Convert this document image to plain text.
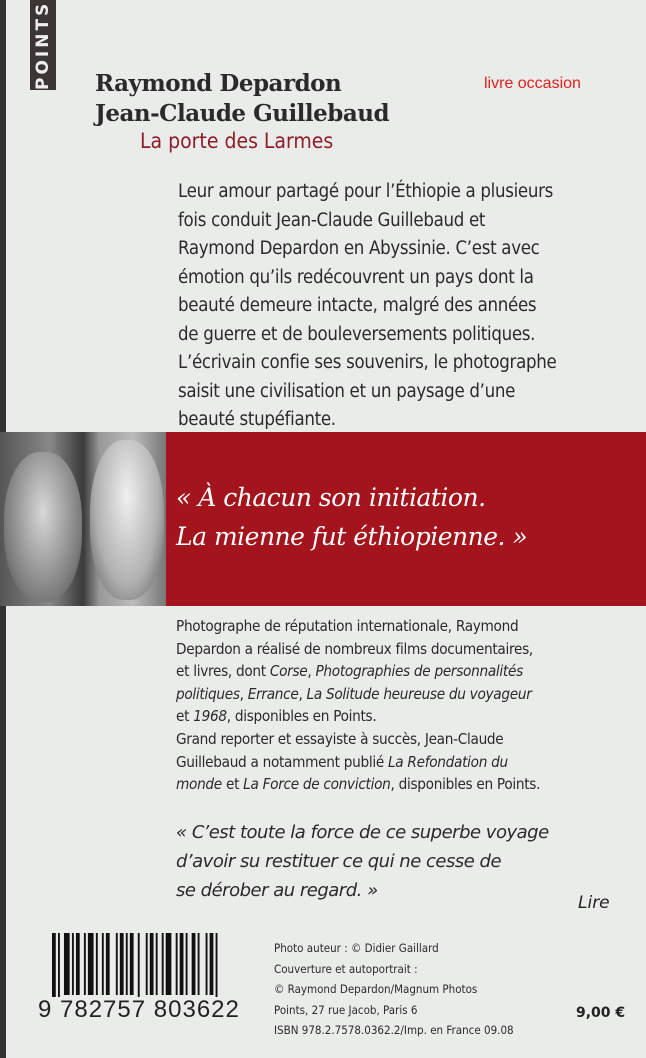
POINTS Raymond Depardon
Jean-Claude Guillebaud
La porte des Larmes
livre occasion
Leur amour partagé pour l’Éthiopie a plusieurs
fois conduit Jean-Claude Guillebaud et
Raymond Depardon en Abyssinie. C’est avec
émotion qu’ils redécouvrent un pays dont la
beauté demeure intacte, malgré des années
de guerre et de bouleversements politiques.
L’écrivain confie ses souvenirs, le photographe
saisit une civilisation et un paysage d’une
beauté stupéfiante.
« À chacun son initiation.
La mienne fut éthiopienne. »
Photographe de réputation internationale, Raymond
Depardon a réalisé de nombreux films documentaires,
et livres, dont Corse, Photographies de personnalités
politiques, Errance, La Solitude heureuse du voyageur
et 1968, disponibles en Points.
Grand reporter et essayiste à succès, Jean-Claude
Guillebaud a notamment publié La Refondation du
monde et La Force de conviction, disponibles en Points.
« C’est toute la force de ce superbe voyage
d’avoir su restituer ce qui ne cesse de
se dérober au regard. »
Lire
9 782757 803622
Photo auteur : © Didier Gaillard
Couverture et autoportrait :
© Raymond Depardon/Magnum Photos
Points, 27 rue Jacob, Paris 6
ISBN 978.2.7578.0362.2/Imp. en France 09.08
9,00 €
